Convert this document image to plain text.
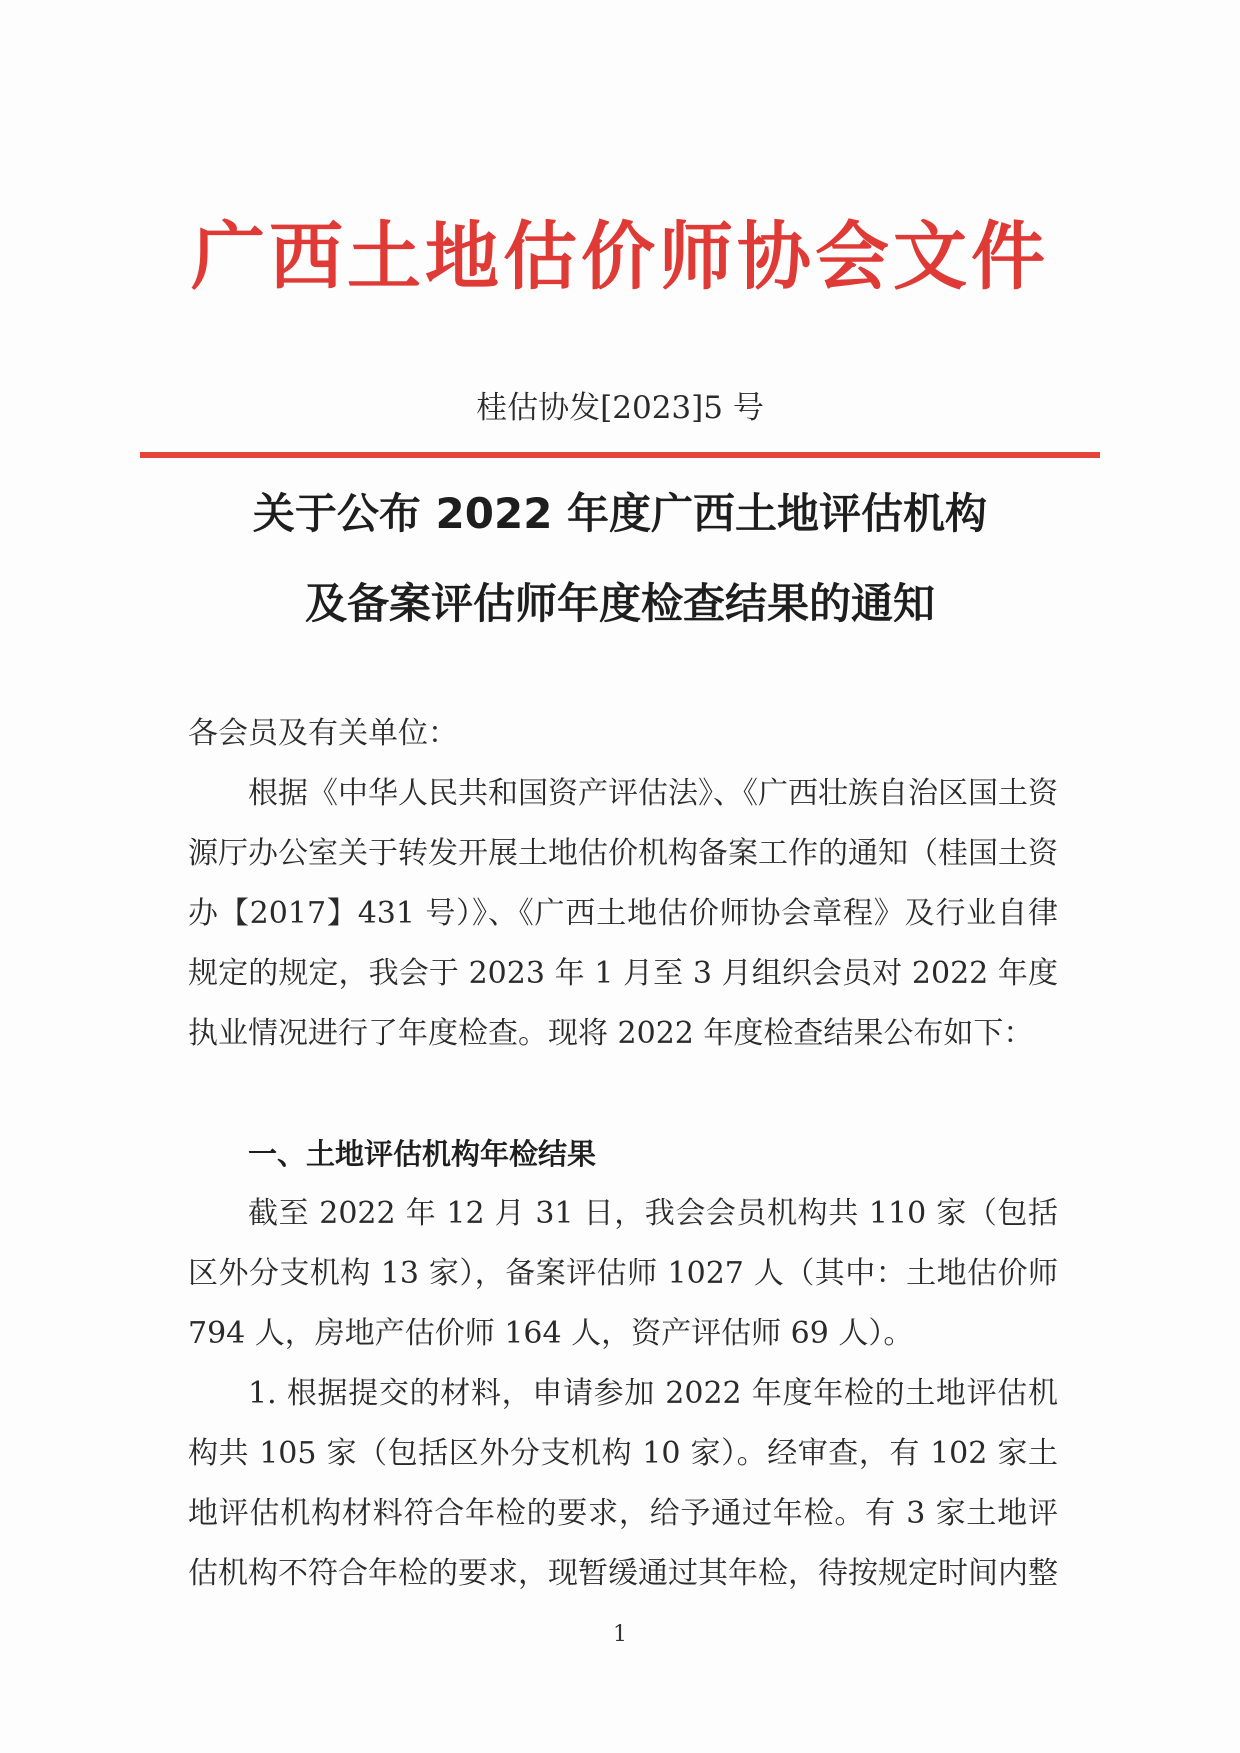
广西土地估价师协会文件
桂估协发[2023]5 号
关于公布 2022 年度广西土地评估机构
及备案评估师年度检查结果的通知
各会员及有关单位：
根据《中华人民共和国资产评估法》、《广西壮族自治区国土资源厅办公室关于转发开展土地估价机构备案工作的通知（桂国土资办【2017】431 号）》、《广西土地估价师协会章程》及行业自律规定的规定，我会于 2023 年 1 月至 3 月组织会员对 2022 年度执业情况进行了年度检查。现将 2022 年度检查结果公布如下：
一、土地评估机构年检结果
截至 2022 年 12 月 31 日，我会会员机构共 110 家（包括区外分支机构 13 家），备案评估师 1027 人（其中：土地估价师 794 人，房地产估价师 164 人，资产评估师 69 人）。
1. 根据提交的材料，申请参加 2022 年度年检的土地评估机构共 105 家（包括区外分支机构 10 家）。经审查，有 102 家土地评估机构材料符合年检的要求，给予通过年检。有 3 家土地评估机构不符合年检的要求，现暂缓通过其年检，待按规定时间内整
1
